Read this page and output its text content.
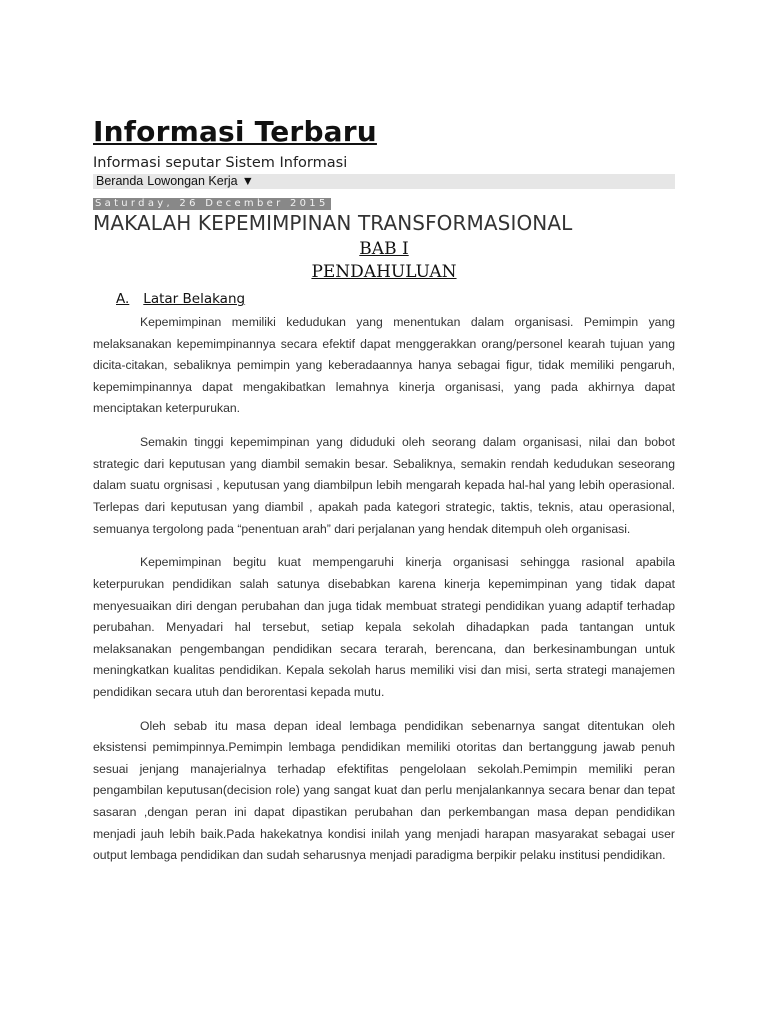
Informasi Terbaru
Informasi seputar Sistem Informasi
Beranda Lowongan Kerja ▼
Saturday, 26 December 2015
MAKALAH KEPEMIMPINAN TRANSFORMASIONAL
BAB I
PENDAHULUAN
A. Latar Belakang

Kepemimpinan memiliki kedudukan yang menentukan dalam organisasi. Pemimpin yang melaksanakan kepemimpinannya secara efektif dapat menggerakkan orang/personel kearah tujuan yang dicita-citakan, sebaliknya pemimpin yang keberadaannya hanya sebagai figur, tidak memiliki pengaruh, kepemimpinannya dapat mengakibatkan lemahnya kinerja organisasi, yang pada akhirnya dapat menciptakan keterpurukan.

Semakin tinggi kepemimpinan yang diduduki oleh seorang dalam organisasi, nilai dan bobot strategic dari keputusan yang diambil semakin besar. Sebaliknya, semakin rendah kedudukan seseorang dalam suatu orgnisasi , keputusan yang diambilpun lebih mengarah kepada hal-hal yang lebih operasional. Terlepas dari keputusan yang diambil , apakah pada kategori strategic, taktis, teknis, atau operasional, semuanya tergolong pada “penentuan arah” dari perjalanan yang hendak ditempuh oleh organisasi.

Kepemimpinan begitu kuat mempengaruhi kinerja organisasi sehingga rasional apabila keterpurukan pendidikan salah satunya disebabkan karena kinerja kepemimpinan yang tidak dapat menyesuaikan diri dengan perubahan dan juga tidak membuat strategi pendidikan yuang adaptif terhadap perubahan. Menyadari hal tersebut, setiap kepala sekolah dihadapkan pada tantangan untuk melaksanakan pengembangan pendidikan secara terarah, berencana, dan berkesinambungan untuk meningkatkan kualitas pendidikan. Kepala sekolah harus memiliki visi dan misi, serta strategi manajemen pendidikan secara utuh dan berorentasi kepada mutu.

Oleh sebab itu masa depan ideal lembaga pendidikan sebenarnya sangat ditentukan oleh eksistensi pemimpinnya.Pemimpin lembaga pendidikan memiliki otoritas dan bertanggung jawab penuh sesuai jenjang manajerialnya terhadap efektifitas pengelolaan sekolah.Pemimpin memiliki peran pengambilan keputusan(decision role) yang sangat kuat dan perlu menjalankannya secara benar dan tepat sasaran ,dengan peran ini dapat dipastikan perubahan dan perkembangan masa depan pendidikan menjadi jauh lebih baik.Pada hakekatnya kondisi inilah yang menjadi harapan masyarakat sebagai user output lembaga pendidikan dan sudah seharusnya menjadi paradigma berpikir pelaku institusi pendidikan.
